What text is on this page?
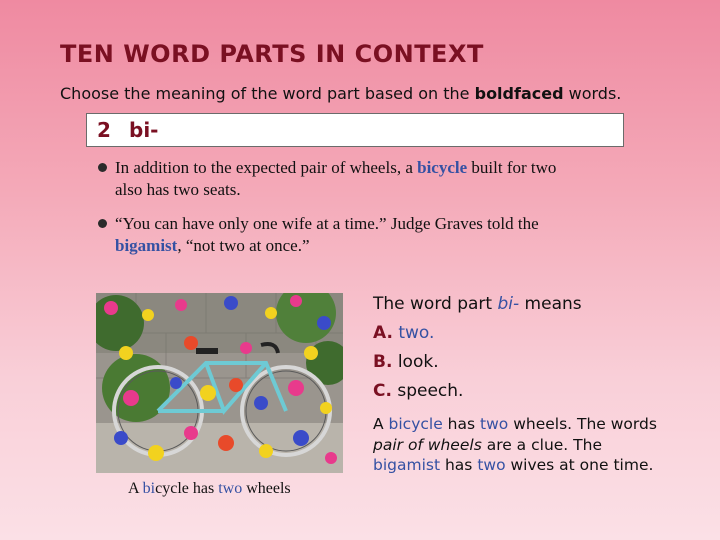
TEN WORD PARTS IN CONTEXT
Choose the meaning of the word part based on the boldfaced words.
2 bi-
In addition to the expected pair of wheels, a bicycle built for two
also has two seats.
“You can have only one wife at a time.” Judge Graves told the
bigamist, “not two at once.”
A bicycle has two wheels
The word part bi- means
A. two.
B. look.
C. speech.
A bicycle has two wheels. The words
pair of wheels are a clue. The
bigamist has two wives at one time.
